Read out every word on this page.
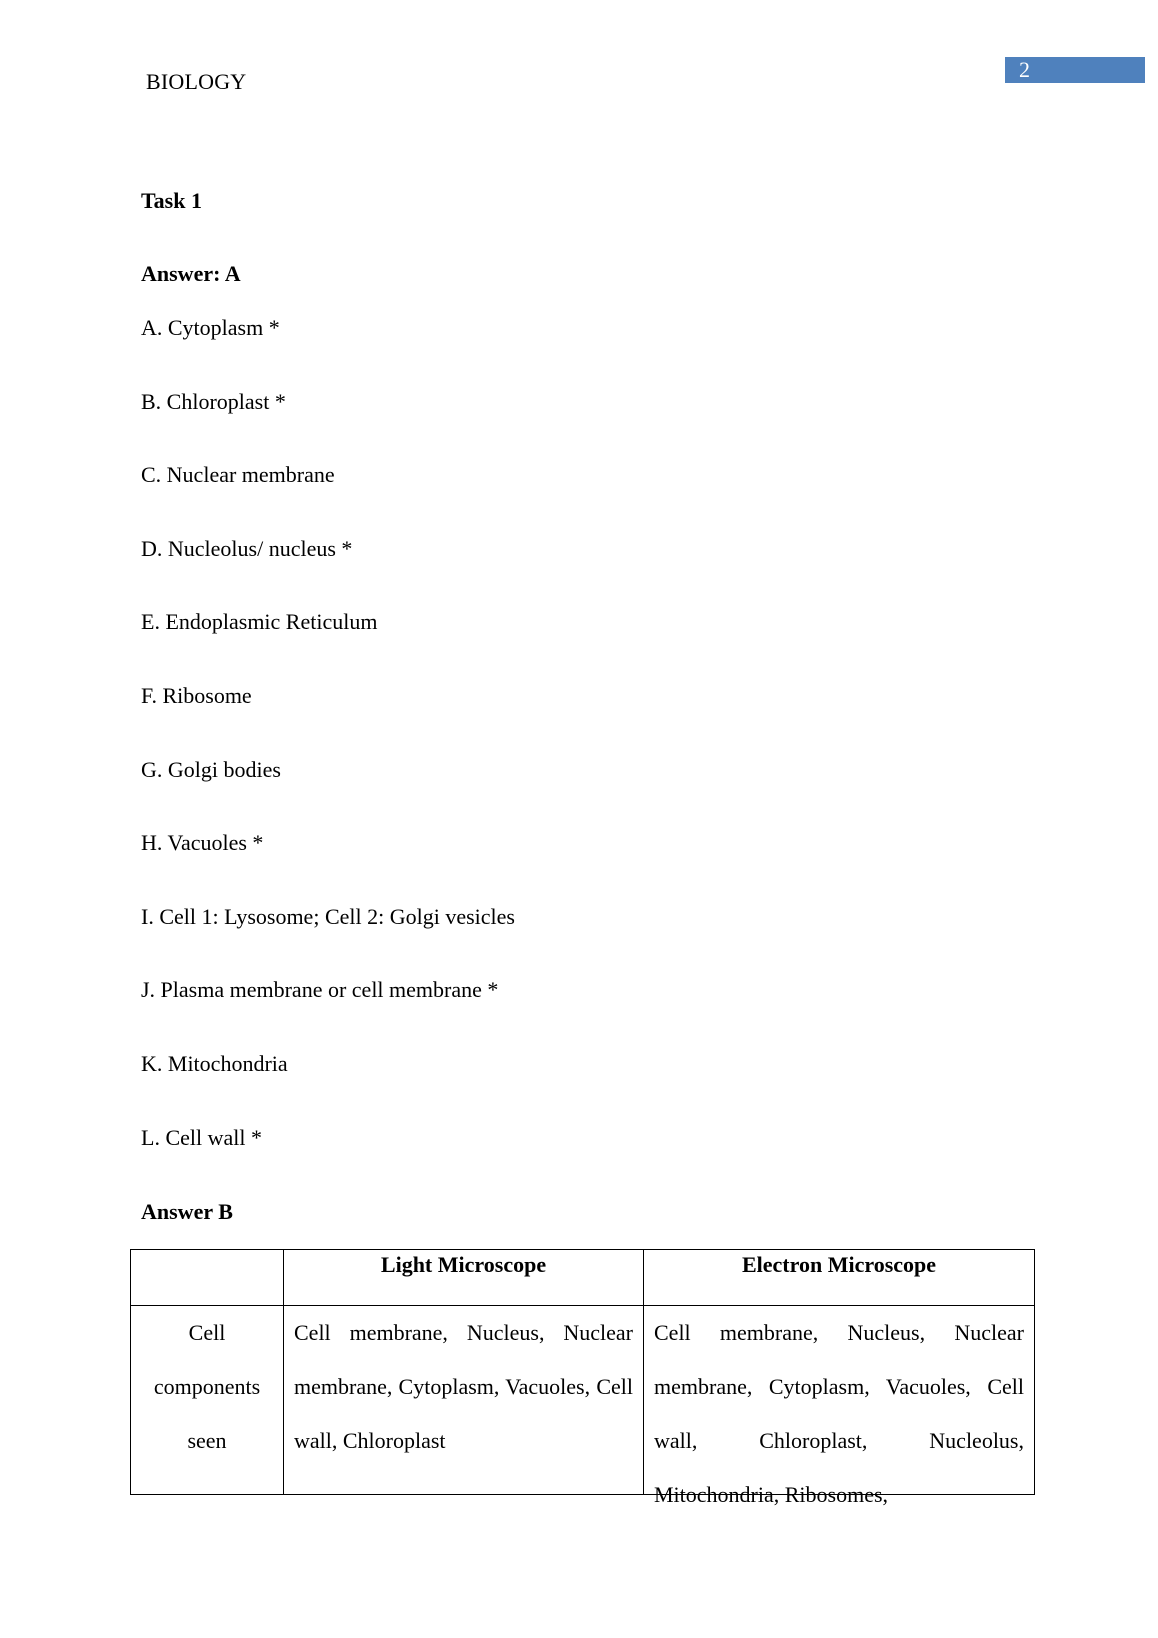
BIOLOGY	2
Task 1
Answer: A
A. Cytoplasm *
B. Chloroplast *
C. Nuclear membrane
D. Nucleolus/ nucleus *
E. Endoplasmic Reticulum
F. Ribosome
G. Golgi bodies
H. Vacuoles *
I. Cell 1: Lysosome; Cell 2: Golgi vesicles
J. Plasma membrane or cell membrane *
K. Mitochondria
L. Cell wall *
Answer B
	Light Microscope	Electron Microscope

Cell components seen	Cell membrane, Nucleus, Nuclear membrane, Cytoplasm, Vacuoles, Cell wall, Chloroplast	Cell membrane, Nucleus, Nuclear membrane, Cytoplasm, Vacuoles, Cell wall, Chloroplast, Nucleolus, Mitochondria, Ribosomes,
